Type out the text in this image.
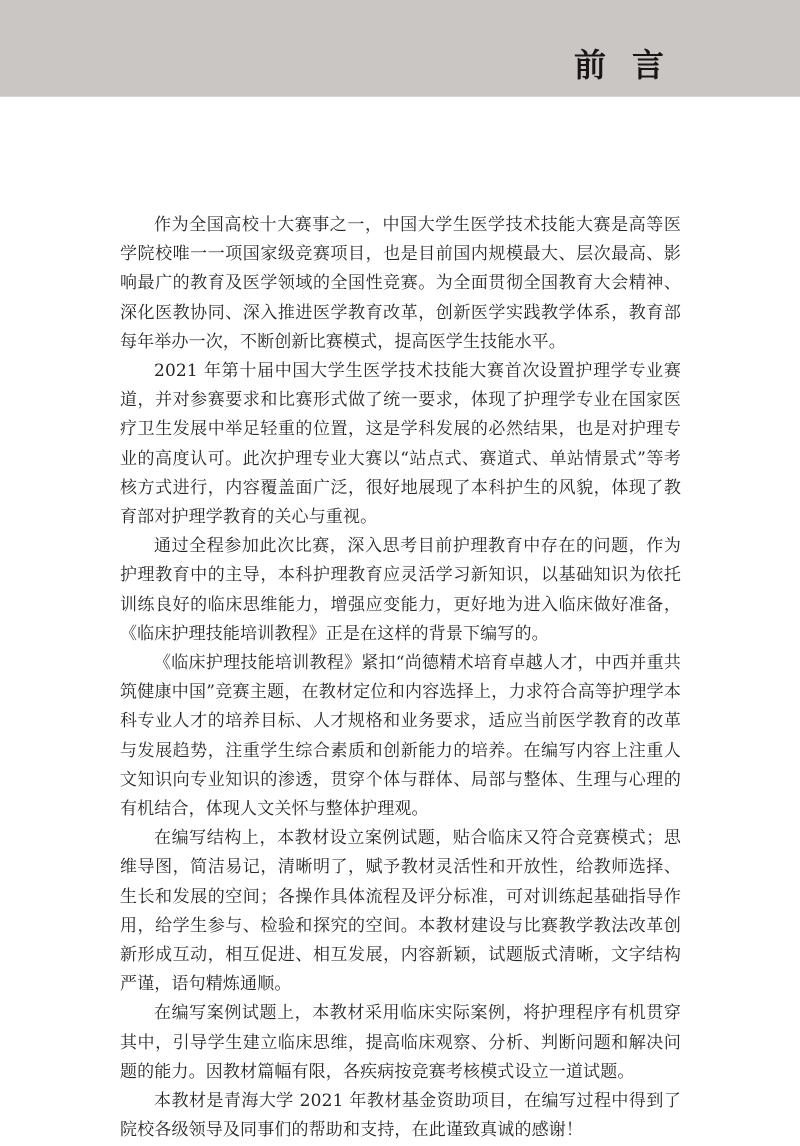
前言

作为全国高校十大赛事之一，中国大学生医学技术技能大赛是高等医学院校唯一一项国家级竞赛项目，也是目前国内规模最大、层次最高、影响最广的教育及医学领域的全国性竞赛。为全面贯彻全国教育大会精神、深化医教协同、深入推进医学教育改革，创新医学实践教学体系，教育部每年举办一次，不断创新比赛模式，提高医学生技能水平。

2021 年第十届中国大学生医学技术技能大赛首次设置护理学专业赛道，并对参赛要求和比赛形式做了统一要求，体现了护理学专业在国家医疗卫生发展中举足轻重的位置，这是学科发展的必然结果，也是对护理专业的高度认可。此次护理专业大赛以“站点式、赛道式、单站情景式”等考核方式进行，内容覆盖面广泛，很好地展现了本科护生的风貌，体现了教育部对护理学教育的关心与重视。

通过全程参加此次比赛，深入思考目前护理教育中存在的问题，作为护理教育中的主导，本科护理教育应灵活学习新知识，以基础知识为依托训练良好的临床思维能力，增强应变能力，更好地为进入临床做好准备，《临床护理技能培训教程》正是在这样的背景下编写的。

《临床护理技能培训教程》紧扣“尚德精术培育卓越人才，中西并重共筑健康中国”竞赛主题，在教材定位和内容选择上，力求符合高等护理学本科专业人才的培养目标、人才规格和业务要求，适应当前医学教育的改革与发展趋势，注重学生综合素质和创新能力的培养。在编写内容上注重人文知识向专业知识的渗透，贯穿个体与群体、局部与整体、生理与心理的有机结合，体现人文关怀与整体护理观。

在编写结构上，本教材设立案例试题，贴合临床又符合竞赛模式；思维导图，简洁易记，清晰明了，赋予教材灵活性和开放性，给教师选择、生长和发展的空间；各操作具体流程及评分标准，可对训练起基础指导作用，给学生参与、检验和探究的空间。本教材建设与比赛教学教法改革创新形成互动，相互促进、相互发展，内容新颖，试题版式清晰，文字结构严谨，语句精炼通顺。

在编写案例试题上，本教材采用临床实际案例，将护理程序有机贯穿其中，引导学生建立临床思维，提高临床观察、分析、判断问题和解决问题的能力。因教材篇幅有限，各疾病按竞赛考核模式设立一道试题。

本教材是青海大学 2021 年教材基金资助项目，在编写过程中得到了院校各级领导及同事们的帮助和支持，在此谨致真诚的感谢！
